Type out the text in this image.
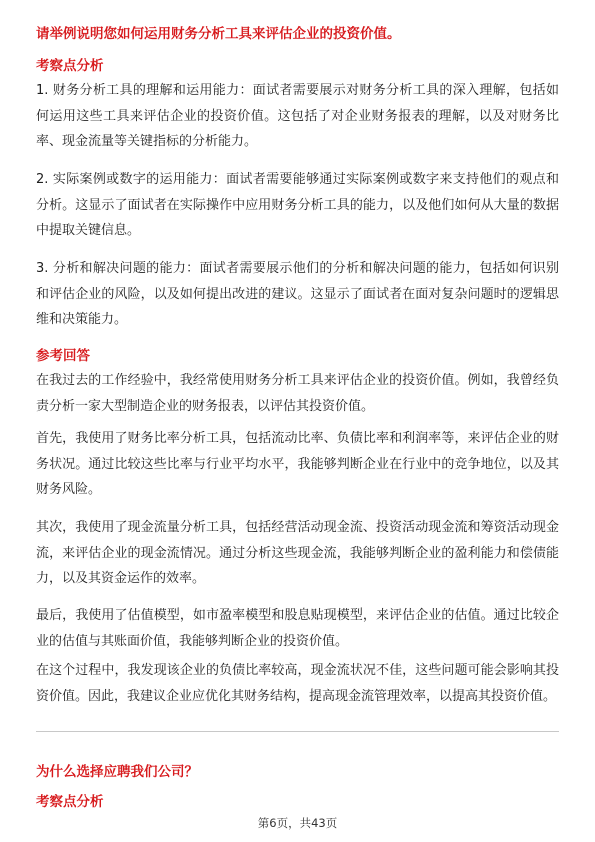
请举例说明您如何运用财务分析工具来评估企业的投资价值。
考察点分析
1. 财务分析工具的理解和运用能力：面试者需要展示对财务分析工具的深入理解，包括如何运用这些工具来评估企业的投资价值。这包括了对企业财务报表的理解，以及对财务比率、现金流量等关键指标的分析能力。
2. 实际案例或数字的运用能力：面试者需要能够通过实际案例或数字来支持他们的观点和分析。这显示了面试者在实际操作中应用财务分析工具的能力，以及他们如何从大量的数据中提取关键信息。
3. 分析和解决问题的能力：面试者需要展示他们的分析和解决问题的能力，包括如何识别和评估企业的风险，以及如何提出改进的建议。这显示了面试者在面对复杂问题时的逻辑思维和决策能力。
参考回答
在我过去的工作经验中，我经常使用财务分析工具来评估企业的投资价值。例如，我曾经负责分析一家大型制造企业的财务报表，以评估其投资价值。
首先，我使用了财务比率分析工具，包括流动比率、负债比率和利润率等，来评估企业的财务状况。通过比较这些比率与行业平均水平，我能够判断企业在行业中的竞争地位，以及其财务风险。
其次，我使用了现金流量分析工具，包括经营活动现金流、投资活动现金流和筹资活动现金流，来评估企业的现金流情况。通过分析这些现金流，我能够判断企业的盈利能力和偿债能力，以及其资金运作的效率。
最后，我使用了估值模型，如市盈率模型和股息贴现模型，来评估企业的估值。通过比较企业的估值与其账面价值，我能够判断企业的投资价值。
在这个过程中，我发现该企业的负债比率较高，现金流状况不佳，这些问题可能会影响其投资价值。因此，我建议企业应优化其财务结构，提高现金流管理效率，以提高其投资价值。
为什么选择应聘我们公司？
考察点分析
第6页，共43页
